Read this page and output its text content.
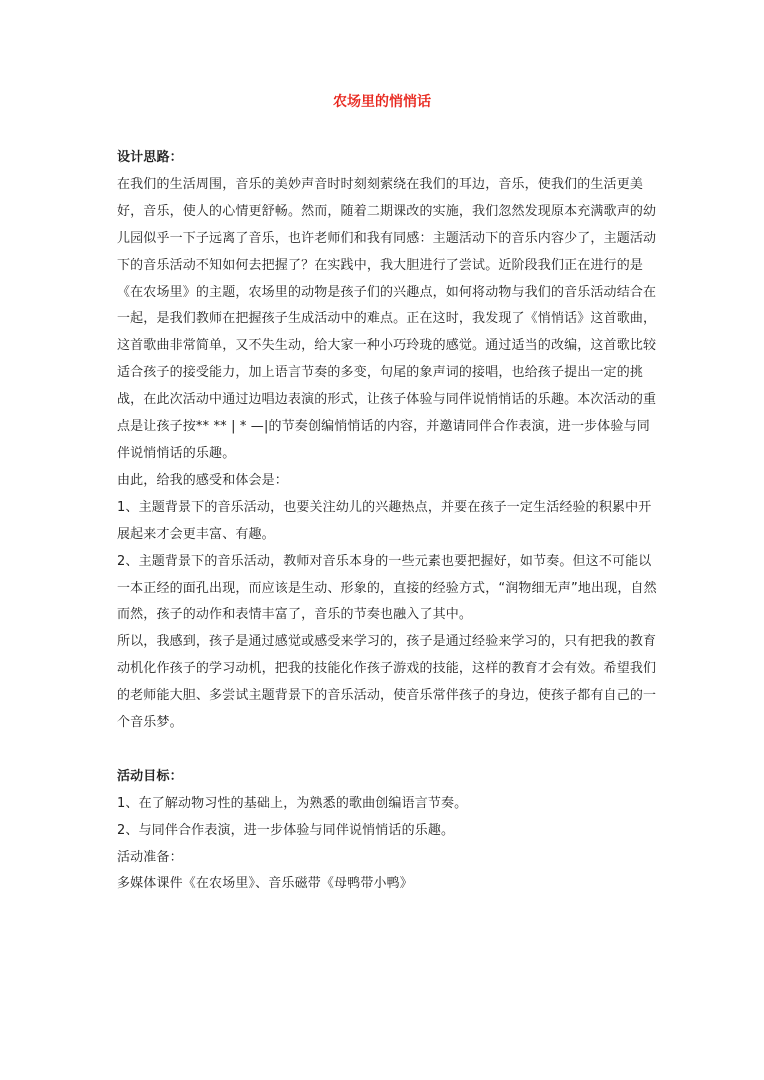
农场里的悄悄话

设计思路：

在我们的生活周围，音乐的美妙声音时时刻刻萦绕在我们的耳边，音乐，使我们的生活更美好，音乐，使人的心情更舒畅。然而，随着二期课改的实施，我们忽然发现原本充满歌声的幼儿园似乎一下子远离了音乐，也许老师们和我有同感：主题活动下的音乐内容少了，主题活动下的音乐活动不知如何去把握了？在实践中，我大胆进行了尝试。近阶段我们正在进行的是《在农场里》的主题，农场里的动物是孩子们的兴趣点，如何将动物与我们的音乐活动结合在一起，是我们教师在把握孩子生成活动中的难点。正在这时，我发现了《悄悄话》这首歌曲，这首歌曲非常简单，又不失生动，给大家一种小巧玲珑的感觉。通过适当的改编，这首歌比较适合孩子的接受能力，加上语言节奏的多变，句尾的象声词的接唱，也给孩子提出一定的挑战，在此次活动中通过边唱边表演的形式，让孩子体验与同伴说悄悄话的乐趣。本次活动的重点是让孩子按** ** | * —|的节奏创编悄悄话的内容，并邀请同伴合作表演，进一步体验与同伴说悄悄话的乐趣。

由此，给我的感受和体会是：

1、主题背景下的音乐活动，也要关注幼儿的兴趣热点，并要在孩子一定生活经验的积累中开展起来才会更丰富、有趣。

2、主题背景下的音乐活动，教师对音乐本身的一些元素也要把握好，如节奏。但这不可能以一本正经的面孔出现，而应该是生动、形象的，直接的经验方式，“润物细无声”地出现，自然而然，孩子的动作和表情丰富了，音乐的节奏也融入了其中。

所以，我感到，孩子是通过感觉或感受来学习的，孩子是通过经验来学习的，只有把我的教育动机化作孩子的学习动机，把我的技能化作孩子游戏的技能，这样的教育才会有效。希望我们的老师能大胆、多尝试主题背景下的音乐活动，使音乐常伴孩子的身边，使孩子都有自己的一个音乐梦。

活动目标：

1、在了解动物习性的基础上，为熟悉的歌曲创编语言节奏。

2、与同伴合作表演，进一步体验与同伴说悄悄话的乐趣。

活动准备：

多媒体课件《在农场里》、音乐磁带《母鸭带小鸭》
